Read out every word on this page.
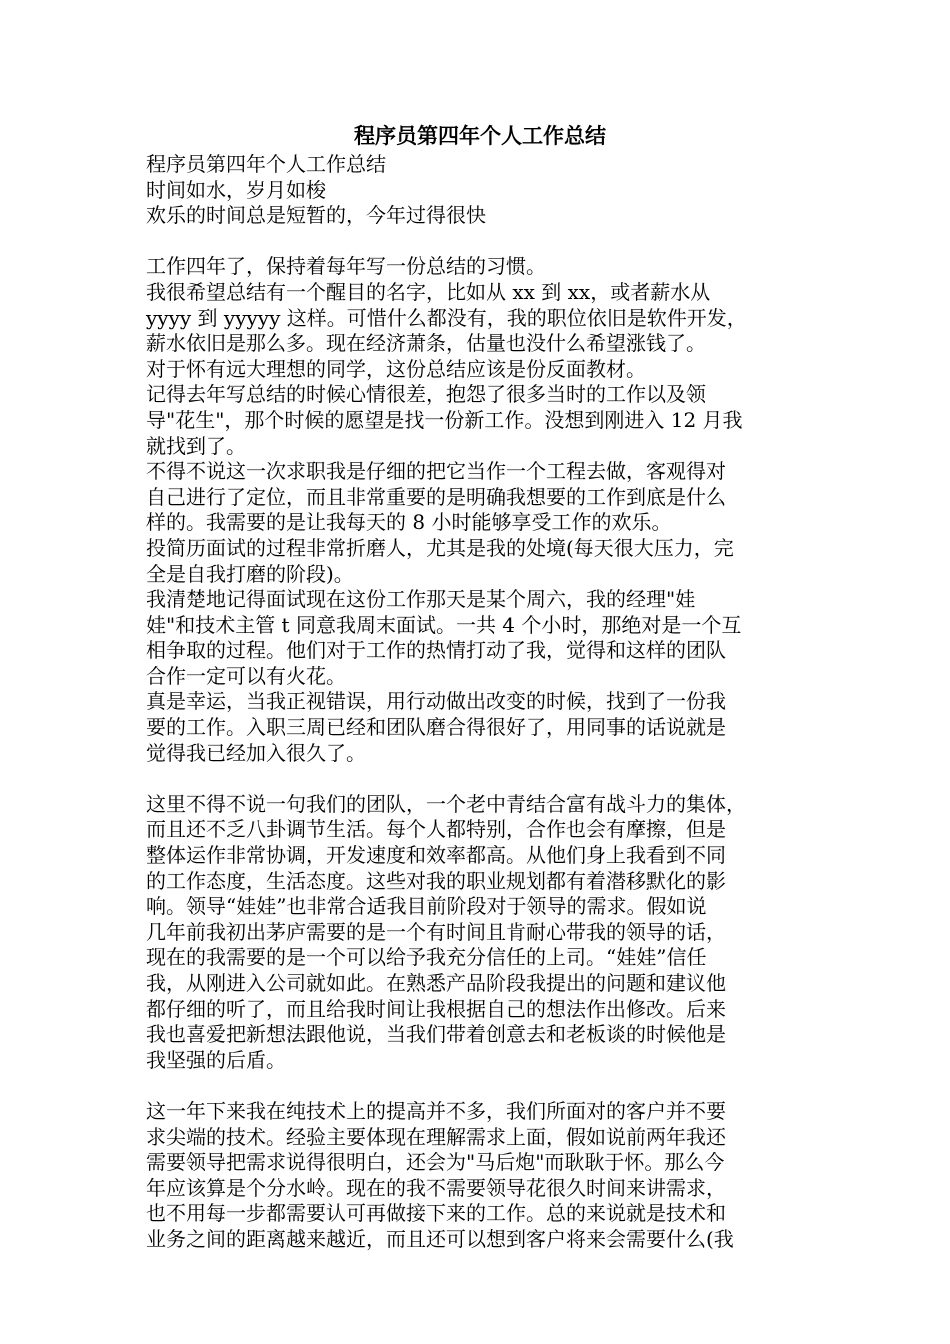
程序员第四年个人工作总结

程序员第四年个人工作总结

时间如水，岁月如梭

欢乐的时间总是短暂的，今年过得很快

工作四年了，保持着每年写一份总结的习惯。

我很希望总结有一个醒目的名字，比如从 xx 到 xx，或者薪水从
yyyy 到 yyyyy 这样。可惜什么都没有，我的职位依旧是软件开发，
薪水依旧是那么多。现在经济萧条，估量也没什么希望涨钱了。

对于怀有远大理想的同学，这份总结应该是份反面教材。

记得去年写总结的时候心情很差，抱怨了很多当时的工作以及领
导"花生"，那个时候的愿望是找一份新工作。没想到刚进入 12 月我
就找到了。

不得不说这一次求职我是仔细的把它当作一个工程去做，客观得对
自己进行了定位，而且非常重要的是明确我想要的工作到底是什么
样的。我需要的是让我每天的 8 小时能够享受工作的欢乐。

投简历面试的过程非常折磨人，尤其是我的处境(每天很大压力，完
全是自我打磨的阶段)。

我清楚地记得面试现在这份工作那天是某个周六，我的经理"娃
娃"和技术主管 t 同意我周末面试。一共 4 个小时，那绝对是一个互
相争取的过程。他们对于工作的热情打动了我，觉得和这样的团队
合作一定可以有火花。

真是幸运，当我正视错误，用行动做出改变的时候，找到了一份我
要的工作。入职三周已经和团队磨合得很好了，用同事的话说就是
觉得我已经加入很久了。

这里不得不说一句我们的团队，一个老中青结合富有战斗力的集体，
而且还不乏八卦调节生活。每个人都特别，合作也会有摩擦，但是
整体运作非常协调，开发速度和效率都高。从他们身上我看到不同
的工作态度，生活态度。这些对我的职业规划都有着潜移默化的影
响。领导“娃娃”也非常合适我目前阶段对于领导的需求。假如说
几年前我初出茅庐需要的是一个有时间且肯耐心带我的领导的话，
现在的我需要的是一个可以给予我充分信任的上司。“娃娃”信任
我，从刚进入公司就如此。在熟悉产品阶段我提出的问题和建议他
都仔细的听了，而且给我时间让我根据自己的想法作出修改。后来
我也喜爱把新想法跟他说，当我们带着创意去和老板谈的时候他是
我坚强的后盾。

这一年下来我在纯技术上的提高并不多，我们所面对的客户并不要
求尖端的技术。经验主要体现在理解需求上面，假如说前两年我还
需要领导把需求说得很明白，还会为"马后炮"而耿耿于怀。那么今
年应该算是个分水岭。现在的我不需要领导花很久时间来讲需求，
也不用每一步都需要认可再做接下来的工作。总的来说就是技术和
业务之间的距离越来越近，而且还可以想到客户将来会需要什么(我
